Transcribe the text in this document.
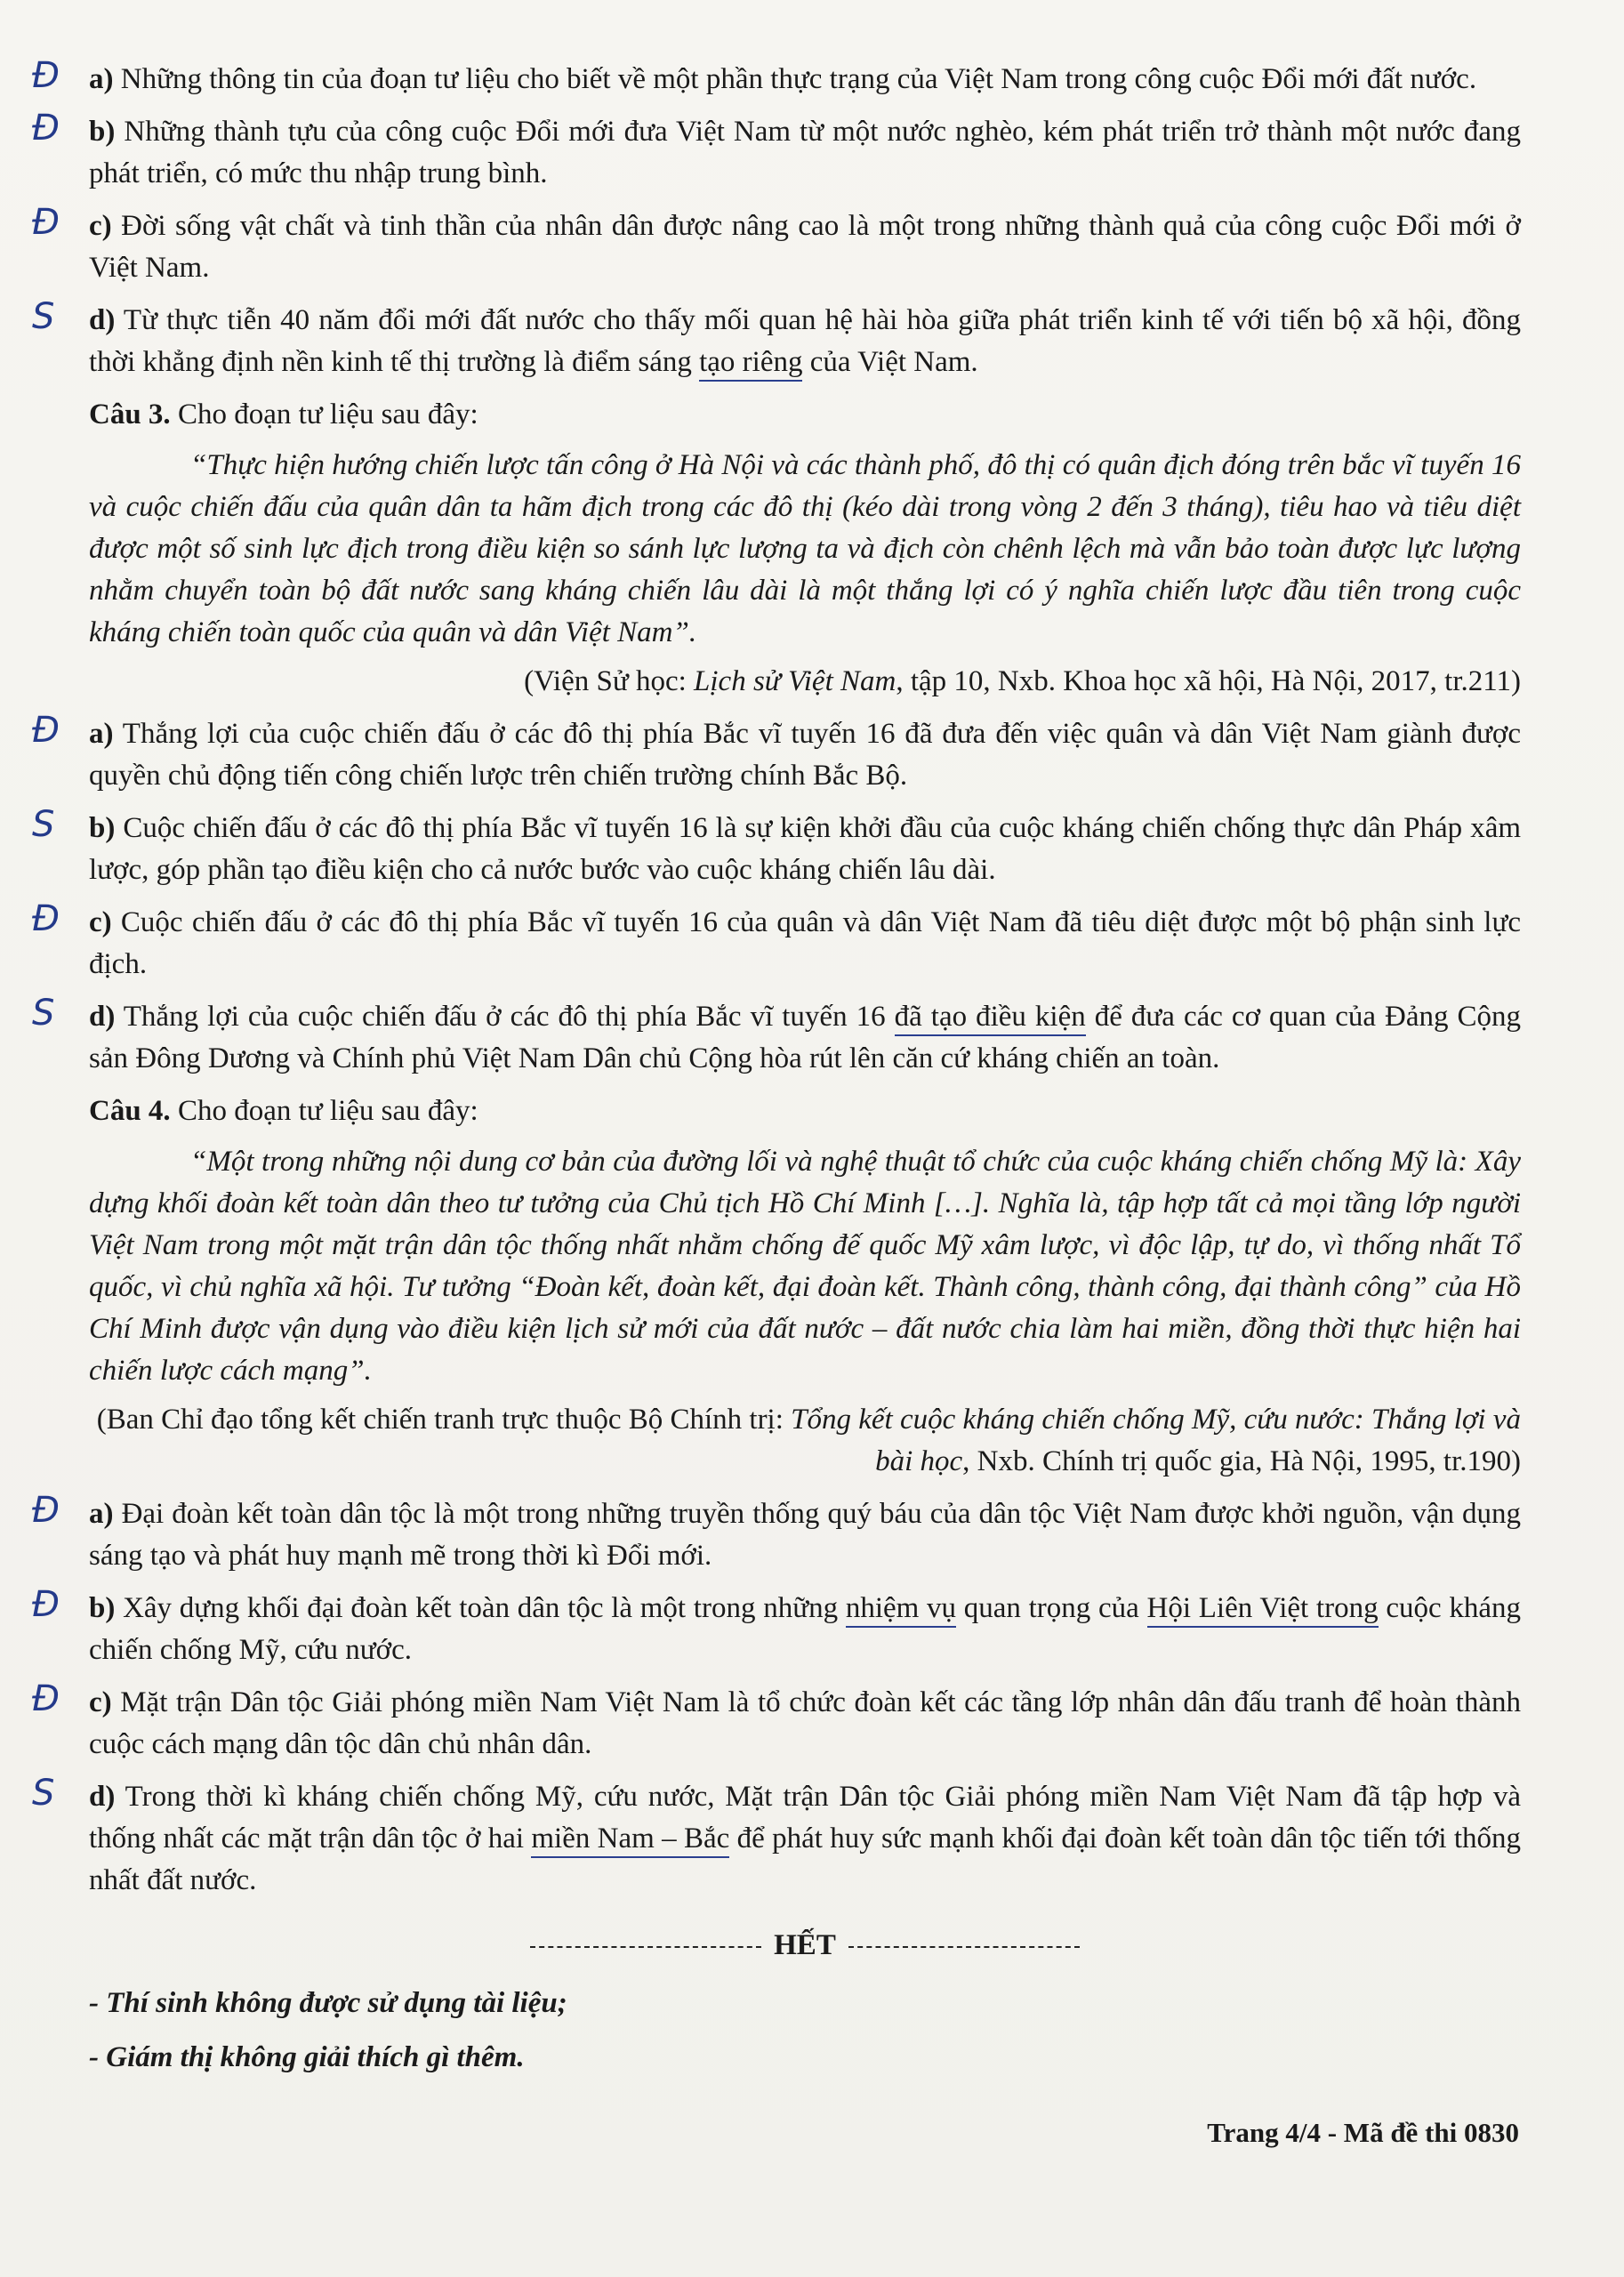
Đ	a) Những thông tin của đoạn tư liệu cho biết về một phần thực trạng của Việt Nam trong công cuộc Đổi mới đất nước.
Đ	b) Những thành tựu của công cuộc Đổi mới đưa Việt Nam từ một nước nghèo, kém phát triển trở thành một nước đang phát triển, có mức thu nhập trung bình.
Đ	c) Đời sống vật chất và tinh thần của nhân dân được nâng cao là một trong những thành quả của công cuộc Đổi mới ở Việt Nam.
S	d) Từ thực tiễn 40 năm đổi mới đất nước cho thấy mối quan hệ hài hòa giữa phát triển kinh tế với tiến bộ xã hội, đồng thời khẳng định nền kinh tế thị trường là điểm sáng tạo riêng của Việt Nam.
Câu 3. Cho đoạn tư liệu sau đây:
“Thực hiện hướng chiến lược tấn công ở Hà Nội và các thành phố, đô thị có quân địch đóng trên bắc vĩ tuyến 16 và cuộc chiến đấu của quân dân ta hãm địch trong các đô thị (kéo dài trong vòng 2 đến 3 tháng), tiêu hao và tiêu diệt được một số sinh lực địch trong điều kiện so sánh lực lượng ta và địch còn chênh lệch mà vẫn bảo toàn được lực lượng nhằm chuyển toàn bộ đất nước sang kháng chiến lâu dài là một thắng lợi có ý nghĩa chiến lược đầu tiên trong cuộc kháng chiến toàn quốc của quân và dân Việt Nam”.
(Viện Sử học: Lịch sử Việt Nam, tập 10, Nxb. Khoa học xã hội, Hà Nội, 2017, tr.211)
Đ	a) Thắng lợi của cuộc chiến đấu ở các đô thị phía Bắc vĩ tuyến 16 đã đưa đến việc quân và dân Việt Nam giành được quyền chủ động tiến công chiến lược trên chiến trường chính Bắc Bộ.
S	b) Cuộc chiến đấu ở các đô thị phía Bắc vĩ tuyến 16 là sự kiện khởi đầu của cuộc kháng chiến chống thực dân Pháp xâm lược, góp phần tạo điều kiện cho cả nước bước vào cuộc kháng chiến lâu dài.
Đ	c) Cuộc chiến đấu ở các đô thị phía Bắc vĩ tuyến 16 của quân và dân Việt Nam đã tiêu diệt được một bộ phận sinh lực địch.
S	d) Thắng lợi của cuộc chiến đấu ở các đô thị phía Bắc vĩ tuyến 16 đã tạo điều kiện để đưa các cơ quan của Đảng Cộng sản Đông Dương và Chính phủ Việt Nam Dân chủ Cộng hòa rút lên căn cứ kháng chiến an toàn.
Câu 4. Cho đoạn tư liệu sau đây:
“Một trong những nội dung cơ bản của đường lối và nghệ thuật tổ chức của cuộc kháng chiến chống Mỹ là: Xây dựng khối đoàn kết toàn dân theo tư tưởng của Chủ tịch Hồ Chí Minh […]. Nghĩa là, tập hợp tất cả mọi tầng lớp người Việt Nam trong một mặt trận dân tộc thống nhất nhằm chống đế quốc Mỹ xâm lược, vì độc lập, tự do, vì thống nhất Tổ quốc, vì chủ nghĩa xã hội. Tư tưởng “Đoàn kết, đoàn kết, đại đoàn kết. Thành công, thành công, đại thành công” của Hồ Chí Minh được vận dụng vào điều kiện lịch sử mới của đất nước – đất nước chia làm hai miền, đồng thời thực hiện hai chiến lược cách mạng”.
(Ban Chỉ đạo tổng kết chiến tranh trực thuộc Bộ Chính trị: Tổng kết cuộc kháng chiến chống Mỹ, cứu nước: Thắng lợi và bài học, Nxb. Chính trị quốc gia, Hà Nội, 1995, tr.190)
Đ	a) Đại đoàn kết toàn dân tộc là một trong những truyền thống quý báu của dân tộc Việt Nam được khởi nguồn, vận dụng sáng tạo và phát huy mạnh mẽ trong thời kì Đổi mới.
Đ	b) Xây dựng khối đại đoàn kết toàn dân tộc là một trong những nhiệm vụ quan trọng của Hội Liên Việt trong cuộc kháng chiến chống Mỹ, cứu nước.
Đ	c) Mặt trận Dân tộc Giải phóng miền Nam Việt Nam là tổ chức đoàn kết các tầng lớp nhân dân đấu tranh để hoàn thành cuộc cách mạng dân tộc dân chủ nhân dân.
S	d) Trong thời kì kháng chiến chống Mỹ, cứu nước, Mặt trận Dân tộc Giải phóng miền Nam Việt Nam đã tập hợp và thống nhất các mặt trận dân tộc ở hai miền Nam – Bắc để phát huy sức mạnh khối đại đoàn kết toàn dân tộc tiến tới thống nhất đất nước.
HẾT
- Thí sinh không được sử dụng tài liệu;
- Giám thị không giải thích gì thêm.
Trang 4/4 - Mã đề thi 0830
